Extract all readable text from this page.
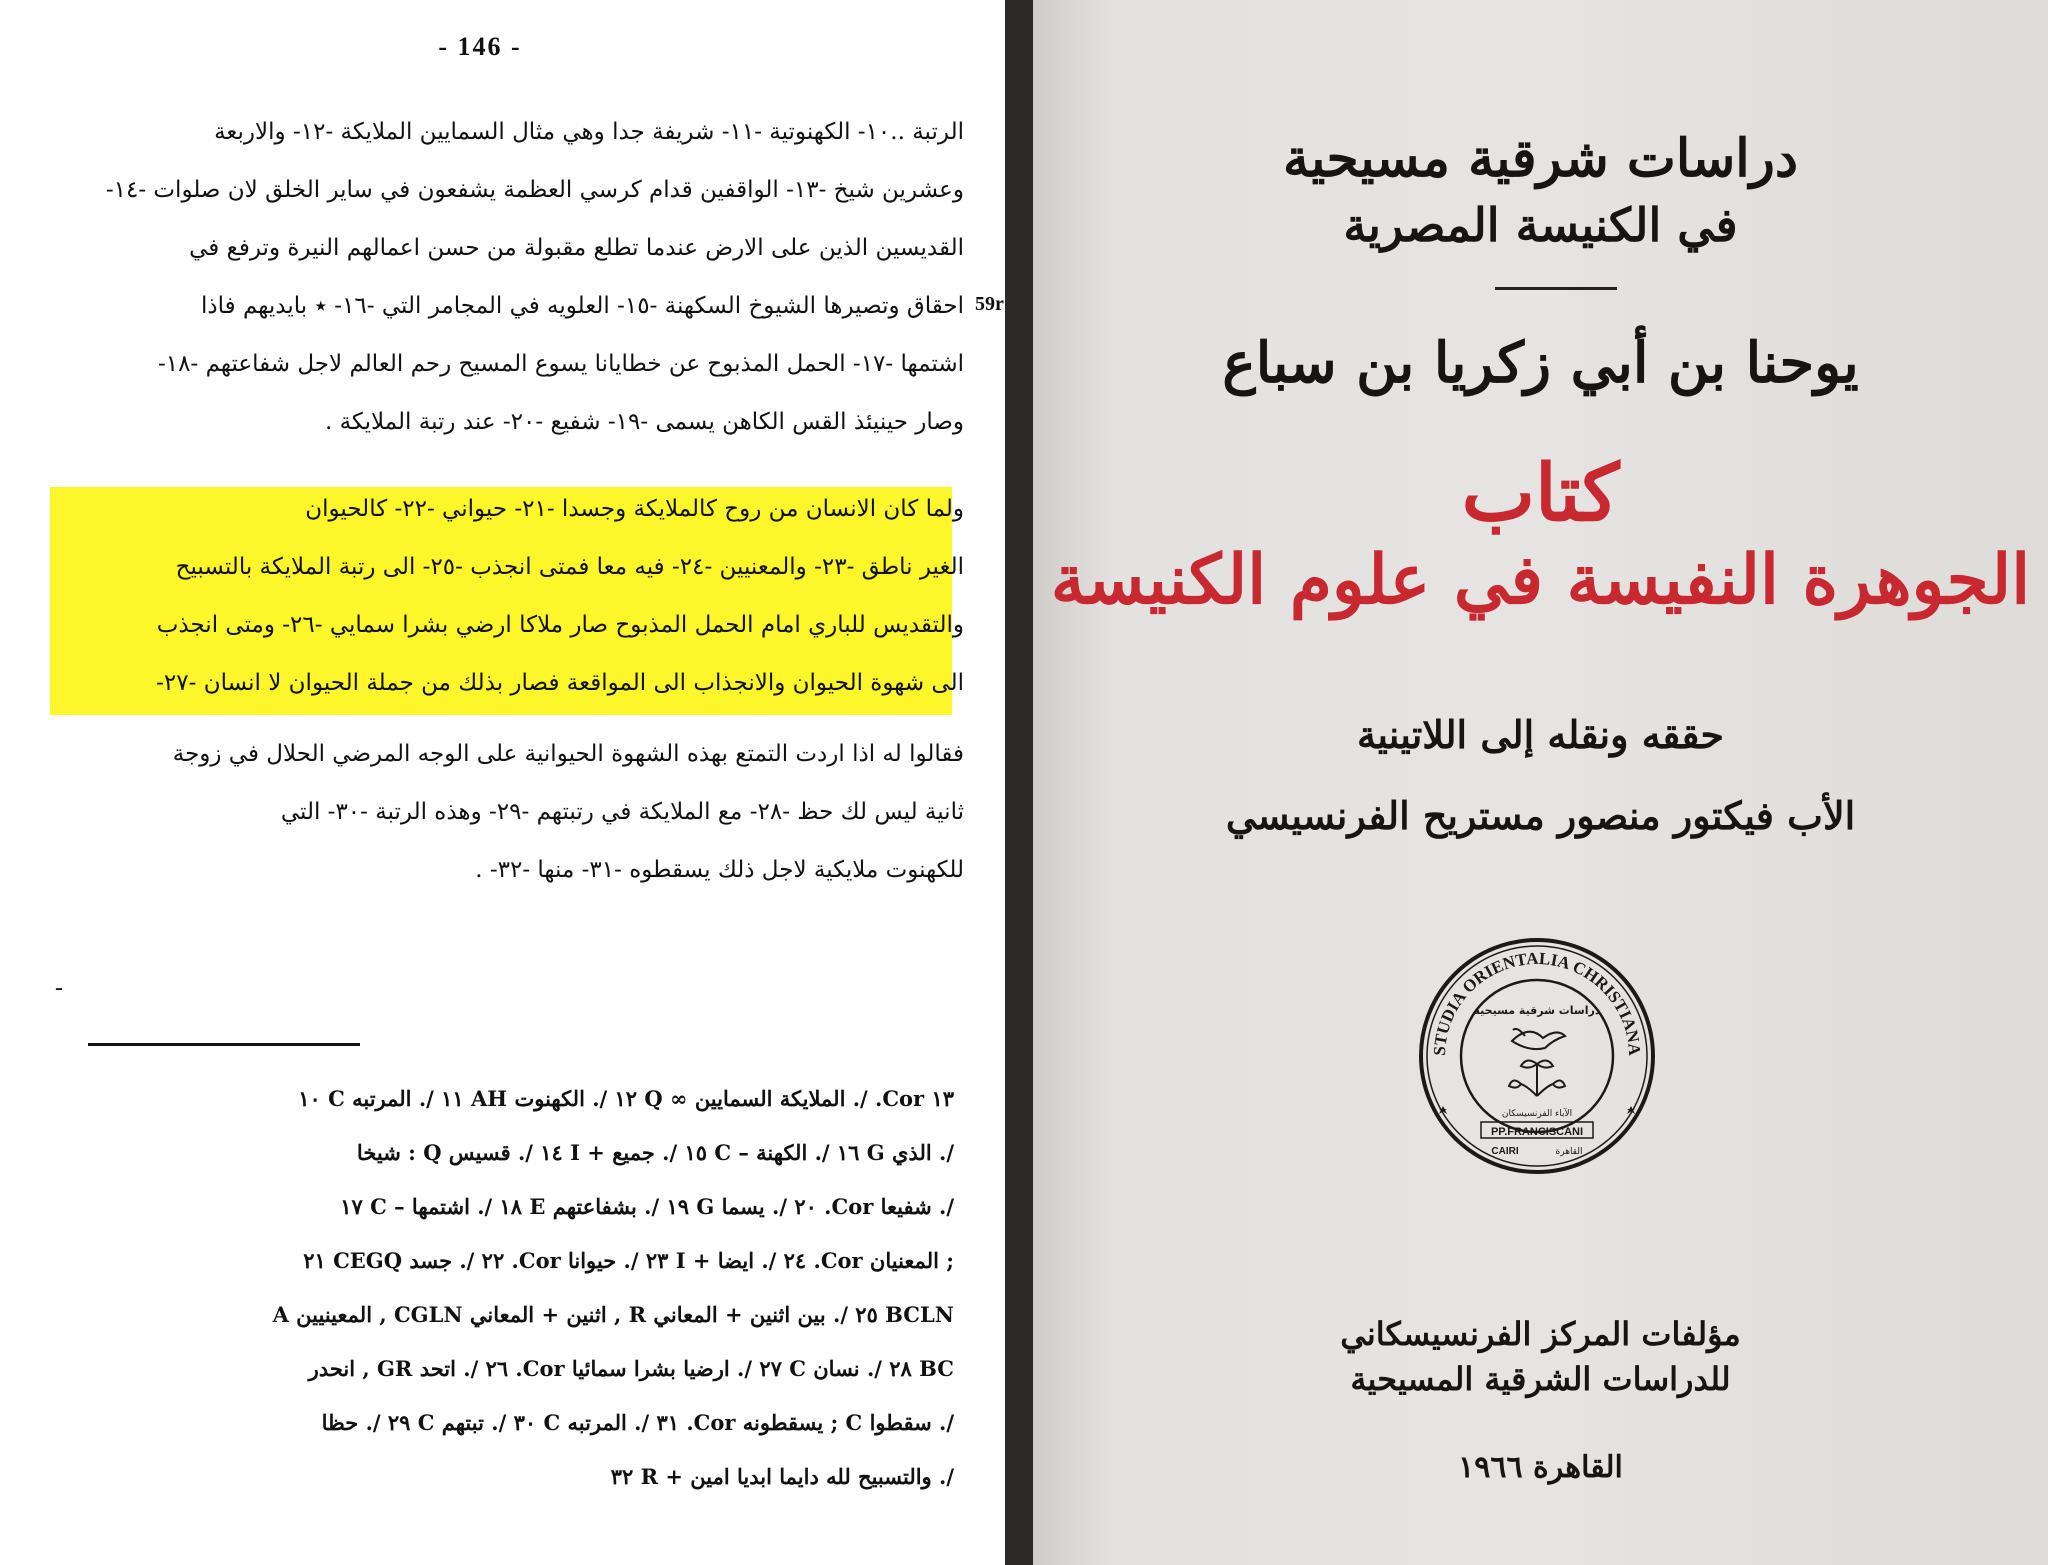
- 146 -
59r
الرتبة ..١٠- الكهنوتية -١١- شريفة جدا وهي مثال السمايين الملايكة -١٢- والاربعة
وعشرين شيخ -١٣- الواقفين قدام كرسي العظمة يشفعون في ساير الخلق لان صلوات -١٤-
القديسين الذين على الارض عندما تطلع مقبولة من حسن اعمالهم النيرة وترفع في
احقاق وتصيرها الشيوخ السكهنة -١٥- العلويه في المجامر التي -١٦- ٭ بايديهم فاذا
اشتمها -١٧- الحمل المذبوح عن خطايانا يسوع المسيح رحم العالم لاجل شفاعتهم -١٨-
وصار حينيئذ القس الكاهن يسمى -١٩- شفيع -٢٠- عند رتبة الملايكة .
ولما كان الانسان من روح كالملايكة وجسدا -٢١- حيواني -٢٢- كالحيوان
الغير ناطق -٢٣- والمعنيين -٢٤- فيه معا فمتى انجذب -٢٥- الى رتبة الملايكة بالتسبيح
والتقديس للباري امام الحمل المذبوح صار ملاكا ارضي بشرا سمايي -٢٦- ومتى انجذب
الى شهوة الحيوان والانجذاب الى المواقعة فصار بذلك من جملة الحيوان لا انسان -٢٧-
فقالوا له اذا اردت التمتع بهذه الشهوة الحيوانية على الوجه المرضي الحلال في زوجة
ثانية ليس لك حظ -٢٨- مع الملايكة في رتبتهم -٢٩- وهذه الرتبة -٣٠- التي
للكهنوت ملايكية لاجل ذلك يسقطوه -٣١- منها -٣٢- .
-
١٣ Cor. /. الملايكة السمايين ∞ Q ١٢ /. الكهنوت AH ١١ /. المرتبه C ١٠
/. الذي G ١٦ /. الكهنة – C ١٥ /. جميع + I ١٤ /. قسيس Q : شيخا
/. شفيعا Cor. ٢٠ /. يسما G ١٩ /. بشفاعتهم E ١٨ /. اشتمها – C ١٧
; المعنيان Cor. ٢٤ /. ايضا + I ٢٣ /. حيوانا Cor. ٢٢ /. جسد CEGQ ٢١
BCLN ٢٥ /. بين اثنين + المعاني R , اثنين + المعاني CGLN , المعينيين A
BC ٢٨ /. نسان C ٢٧ /. ارضيا بشرا سمائيا Cor. ٢٦ /. اتحد GR , انحدر
/. سقطوا C ; يسقطونه Cor. ٣١ /. المرتبه C ٣٠ /. تبتهم C ٢٩ /. حظا
/. والتسبيح لله دايما ابديا امين + R ٣٢
دراسات شرقية مسيحية
في الكنيسة المصرية
يوحنا بن أبي زكريا بن سباع
كتاب
الجوهرة النفيسة في علوم الكنيسة
حققه ونقله إلى اللاتينية
الأب فيكتور منصور مستريح الفرنسيسي
STUDIA ORIENTALIA CHRISTIANA
دراسات شرقية مسيحية
الآباء الفرنسيسكان
PP.FRANCISCANI
CAIRI	القاهرة
مؤلفات المركز الفرنسيسكاني
للدراسات الشرقية المسيحية
القاهرة ١٩٦٦
